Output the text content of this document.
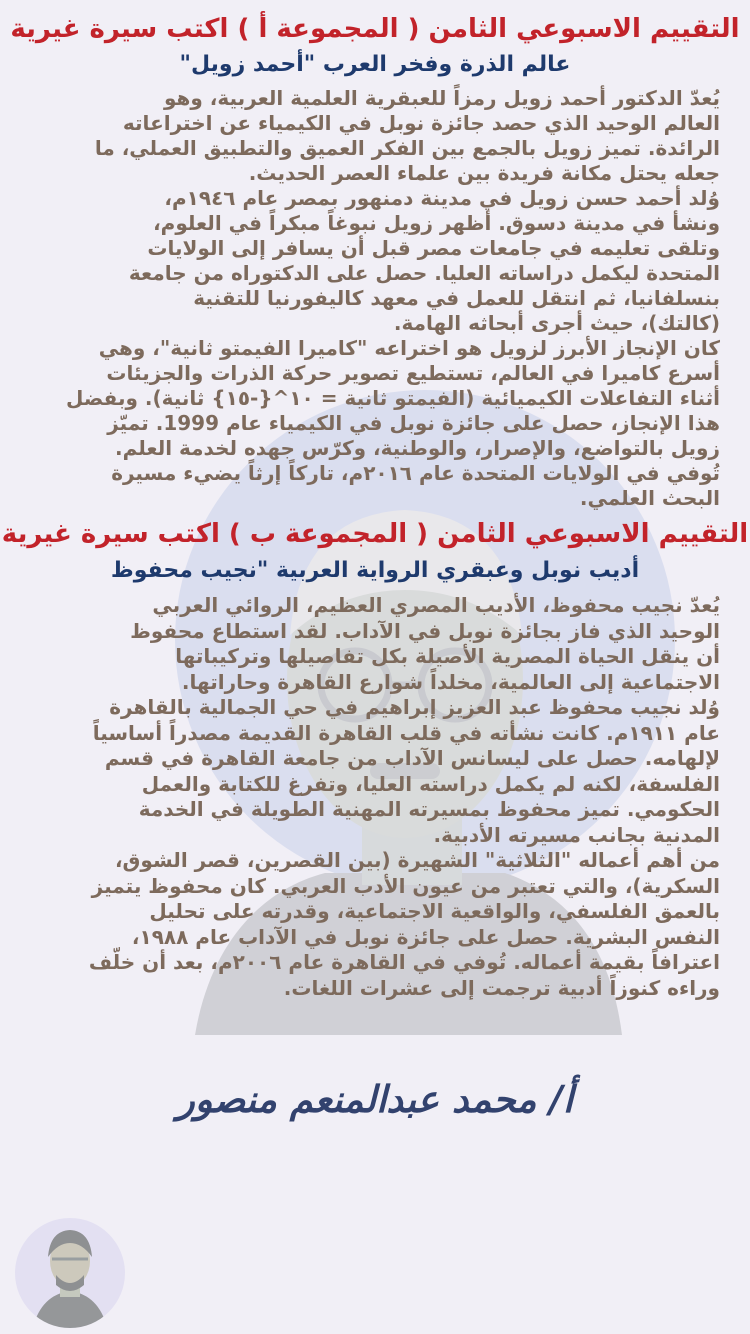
التقييم الاسبوعي الثامن ( المجموعة أ ) اكتب سيرة غيرية
عالم الذرة وفخر العرب "أحمد زويل"
يُعدّ الدكتور أحمد زويل رمزاً للعبقرية العلمية العربية، وهو
العالم الوحيد الذي حصد جائزة نوبل في الكيمياء عن اختراعاته
الرائدة. تميز زويل بالجمع بين الفكر العميق والتطبيق العملي، ما
جعله يحتل مكانة فريدة بين علماء العصر الحديث.
وُلد أحمد حسن زويل في مدينة دمنهور بمصر عام ١٩٤٦م،
ونشأ في مدينة دسوق. أظهر زويل نبوغاً مبكراً في العلوم،
وتلقى تعليمه في جامعات مصر قبل أن يسافر إلى الولايات
المتحدة ليكمل دراساته العليا. حصل على الدكتوراه من جامعة
بنسلفانيا، ثم انتقل للعمل في معهد كاليفورنيا للتقنية
(كالتك)، حيث أجرى أبحاثه الهامة.
كان الإنجاز الأبرز لزويل هو اختراعه "كاميرا الفيمتو ثانية"، وهي
أسرع كاميرا في العالم، تستطيع تصوير حركة الذرات والجزيئات
أثناء التفاعلات الكيميائية (الفيمتو ثانية = ١٠^{-١٥} ثانية). وبفضل
هذا الإنجاز، حصل على جائزة نوبل في الكيمياء عام 1999. تميّز
زويل بالتواضع، والإصرار، والوطنية، وكرّس جهده لخدمة العلم.
تُوفي في الولايات المتحدة عام ٢٠١٦م، تاركاً إرثاً يضيء مسيرة
البحث العلمي.
التقييم الاسبوعي الثامن ( المجموعة ب ) اكتب سيرة غيرية
أديب نوبل وعبقري الرواية العربية "نجيب محفوظ
يُعدّ نجيب محفوظ، الأديب المصري العظيم، الروائي العربي
الوحيد الذي فاز بجائزة نوبل في الآداب. لقد استطاع محفوظ
أن ينقل الحياة المصرية الأصيلة بكل تفاصيلها وتركيباتها
الاجتماعية إلى العالمية، مخلداً شوارع القاهرة وحاراتها.
وُلد نجيب محفوظ عبد العزيز إبراهيم في حي الجمالية بالقاهرة
عام ١٩١١م. كانت نشأته في قلب القاهرة القديمة مصدراً أساسياً
لإلهامه. حصل على ليسانس الآداب من جامعة القاهرة في قسم
الفلسفة، لكنه لم يكمل دراسته العليا، وتفرغ للكتابة والعمل
الحكومي. تميز محفوظ بمسيرته المهنية الطويلة في الخدمة
المدنية بجانب مسيرته الأدبية.
من أهم أعماله "الثلاثية" الشهيرة (بين القصرين، قصر الشوق،
السكرية)، والتي تعتبر من عيون الأدب العربي. كان محفوظ يتميز
بالعمق الفلسفي، والواقعية الاجتماعية، وقدرته على تحليل
النفس البشرية. حصل على جائزة نوبل في الآداب عام ١٩٨٨،
اعترافاً بقيمة أعماله. تُوفي في القاهرة عام ٢٠٠٦م، بعد أن خلّف
وراءه كنوزاً أدبية ترجمت إلى عشرات اللغات.
أ/ محمد عبدالمنعم منصور
